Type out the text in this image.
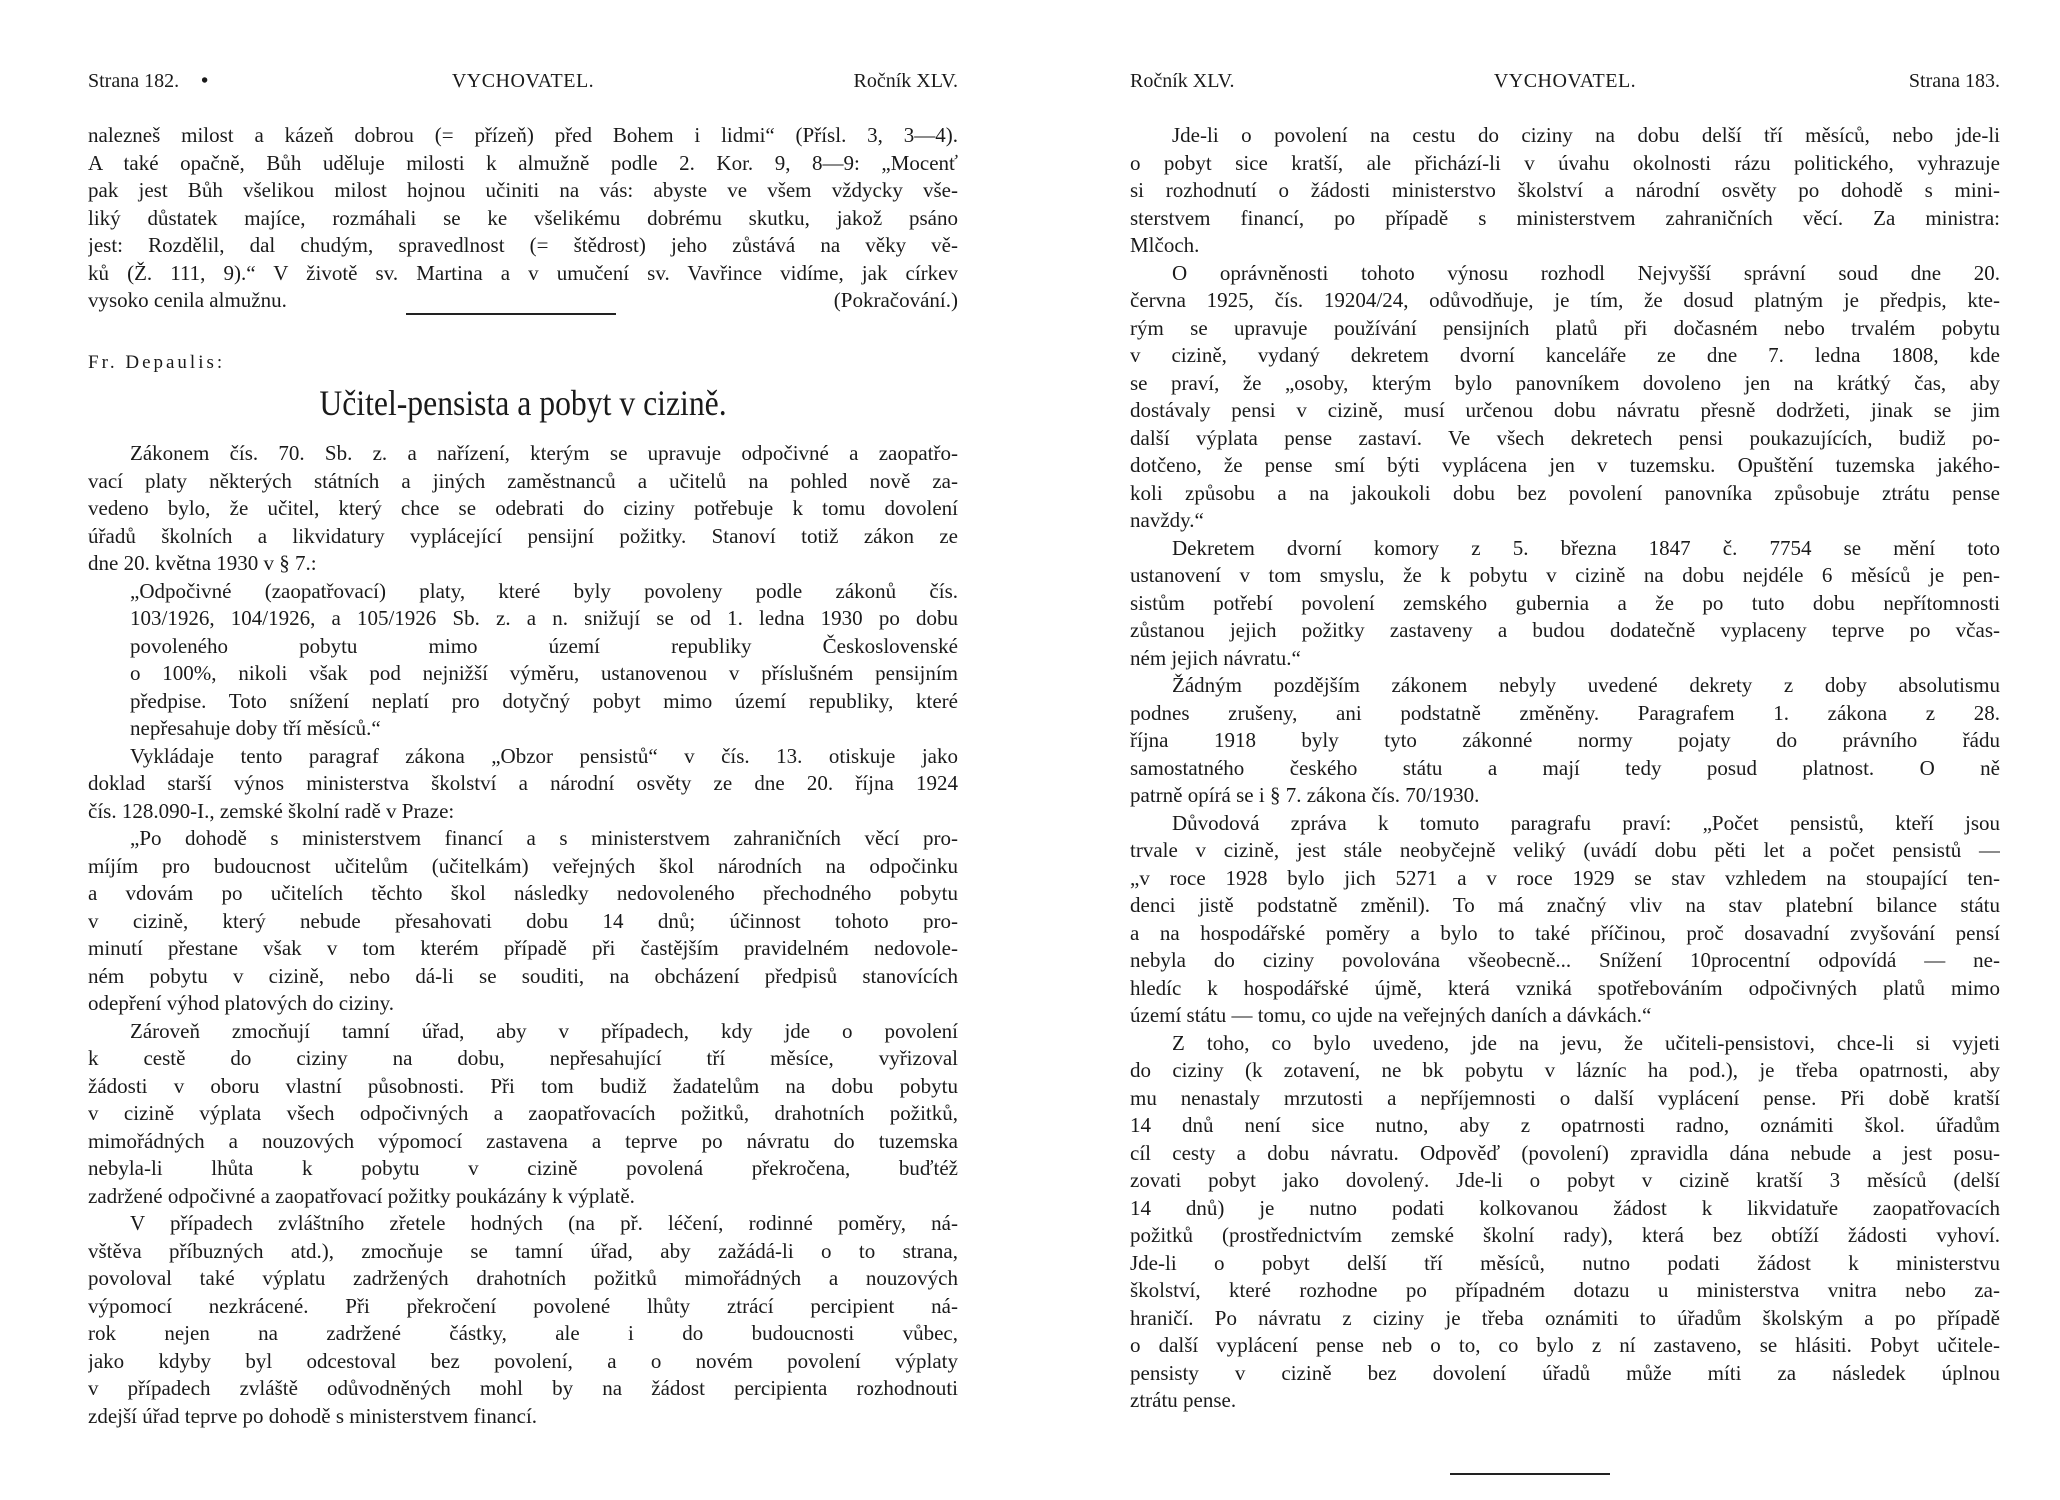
Strana 182. •	VYCHOVATEL.	Ročník XLV.
nalezneš milost a kázeň dobrou (= přízeň) před Bohem i lidmi“ (Přísl. 3, 3—4).
A také opačně, Bůh uděluje milosti k almužně podle 2. Kor. 9, 8—9: „Mocenť
pak jest Bůh všelikou milost hojnou učiniti na vás: abyste ve všem vždycky vše-
liký důstatek majíce, rozmáhali se ke všelikému dobrému skutku, jakož psáno
jest: Rozdělil, dal chudým, spravedlnost (= štědrost) jeho zůstává na věky vě-
ků (Ž. 111, 9).“ V životě sv. Martina a v umučení sv. Vavřince vidíme, jak církev
vysoko cenila almužnu.	(Pokračování.)
Fr. Depaulis:
Učitel-pensista a pobyt v cizině.
Zákonem čís. 70. Sb. z. a nařízení, kterým se upravuje odpočivné a zaopatřo-
vací platy některých státních a jiných zaměstnanců a učitelů na pohled nově za-
vedeno bylo, že učitel, který chce se odebrati do ciziny potřebuje k tomu dovolení
úřadů školních a likvidatury vyplácející pensijní požitky. Stanoví totiž zákon ze
dne 20. května 1930 v § 7.:
„Odpočivné (zaopatřovací) platy, které byly povoleny podle zákonů čís.
103/1926, 104/1926, a 105/1926 Sb. z. a n. snižují se od 1. ledna 1930 po dobu
povoleného pobytu mimo území republiky Československé
o 100%, nikoli však pod nejnižší výměru, ustanovenou v příslušném pensijním
předpise. Toto snížení neplatí pro dotyčný pobyt mimo území republiky, které
nepřesahuje doby tří měsíců.“
Vykládaje tento paragraf zákona „Obzor pensistů“ v čís. 13. otiskuje jako
doklad starší výnos ministerstva školství a národní osvěty ze dne 20. října 1924
čís. 128.090-I., zemské školní radě v Praze:
„Po dohodě s ministerstvem financí a s ministerstvem zahraničních věcí pro-
míjím pro budoucnost učitelům (učitelkám) veřejných škol národních na odpočinku
a vdovám po učitelích těchto škol následky nedovoleného přechodného pobytu
v cizině, který nebude přesahovati dobu 14 dnů; účinnost tohoto pro-
minutí přestane však v tom kterém případě při častějším pravidelném nedovole-
ném pobytu v cizině, nebo dá-li se souditi, na obcházení předpisů stanovících
odepření výhod platových do ciziny.
Zároveň zmocňují tamní úřad, aby v případech, kdy jde o povolení
k cestě do ciziny na dobu, nepřesahující tří měsíce, vyřizoval
žádosti v oboru vlastní působnosti. Při tom budiž žadatelům na dobu pobytu
v cizině výplata všech odpočivných a zaopatřovacích požitků, drahotních požitků,
mimořádných a nouzových výpomocí zastavena a teprve po návratu do tuzemska
nebyla-li lhůta k pobytu v cizině povolená překročena, buďtéž
zadržené odpočivné a zaopatřovací požitky poukázány k výplatě.
V případech zvláštního zřetele hodných (na př. léčení, rodinné poměry, ná-
vštěva příbuzných atd.), zmocňuje se tamní úřad, aby zažádá-li o to strana,
povoloval také výplatu zadržených drahotních požitků mimořádných a nouzových
výpomocí nezkrácené. Při překročení povolené lhůty ztrácí percipient ná-
rok nejen na zadržené částky, ale i do budoucnosti vůbec,
jako kdyby byl odcestoval bez povolení, a o novém povolení výplaty
v případech zvláště odůvodněných mohl by na žádost percipienta rozhodnouti
zdejší úřad teprve po dohodě s ministerstvem financí.
Ročník XLV.	VYCHOVATEL.	Strana 183.
Jde-li o povolení na cestu do ciziny na dobu delší tří měsíců, nebo jde-li
o pobyt sice kratší, ale přichází-li v úvahu okolnosti rázu politického, vyhrazuje
si rozhodnutí o žádosti ministerstvo školství a národní osvěty po dohodě s mini-
sterstvem financí, po případě s ministerstvem zahraničních věcí. Za ministra:
Mlčoch.
O oprávněnosti tohoto výnosu rozhodl Nejvyšší správní soud dne 20.
června 1925, čís. 19204/24, odůvodňuje, je tím, že dosud platným je předpis, kte-
rým se upravuje používání pensijních platů při dočasném nebo trvalém pobytu
v cizině, vydaný dekretem dvorní kanceláře ze dne 7. ledna 1808, kde
se praví, že „osoby, kterým bylo panovníkem dovoleno jen na krátký čas, aby
dostávaly pensi v cizině, musí určenou dobu návratu přesně dodržeti, jinak se jim
další výplata pense zastaví. Ve všech dekretech pensi poukazujících, budiž po-
dotčeno, že pense smí býti vyplácena jen v tuzemsku. Opuštění tuzemska jakého-
koli způsobu a na jakoukoli dobu bez povolení panovníka způsobuje ztrátu pense
navždy.“
Dekretem dvorní komory z 5. března 1847 č. 7754 se mění toto
ustanovení v tom smyslu, že k pobytu v cizině na dobu nejdéle 6 měsíců je pen-
sistům potřebí povolení zemského gubernia a že po tuto dobu nepřítomnosti
zůstanou jejich požitky zastaveny a budou dodatečně vyplaceny teprve po včas-
ném jejich návratu.“
Žádným pozdějším zákonem nebyly uvedené dekrety z doby absolutismu
podnes zrušeny, ani podstatně změněny. Paragrafem 1. zákona z 28.
října 1918 byly tyto zákonné normy pojaty do právního řádu
samostatného českého státu a mají tedy posud platnost. O ně
patrně opírá se i § 7. zákona čís. 70/1930.
Důvodová zpráva k tomuto paragrafu praví: „Počet pensistů, kteří jsou
trvale v cizině, jest stále neobyčejně veliký (uvádí dobu pěti let a počet pensistů —
„v roce 1928 bylo jich 5271 a v roce 1929 se stav vzhledem na stoupající ten-
denci jistě podstatně změnil). To má značný vliv na stav platební bilance státu
a na hospodářské poměry a bylo to také příčinou, proč dosavadní zvyšování pensí
nebyla do ciziny povolována všeobecně... Snížení 10procentní odpovídá — ne-
hledíc k hospodářské újmě, která vzniká spotřebováním odpočivných platů mimo
území státu — tomu, co ujde na veřejných daních a dávkách.“
Z toho, co bylo uvedeno, jde na jevu, že učiteli-pensistovi, chce-li si vyjeti
do ciziny (k zotavení, ne bk pobytu v lázníc ha pod.), je třeba opatrnosti, aby
mu nenastaly mrzutosti a nepříjemnosti o další vyplácení pense. Při době kratší
14 dnů není sice nutno, aby z opatrnosti radno, oznámiti škol. úřadům
cíl cesty a dobu návratu. Odpověď (povolení) zpravidla dána nebude a jest posu-
zovati pobyt jako dovolený. Jde-li o pobyt v cizině kratší 3 měsíců (delší
14 dnů) je nutno podati kolkovanou žádost k likvidatuře zaopatřovacích
požitků (prostřednictvím zemské školní rady), která bez obtíží žádosti vyhoví.
Jde-li o pobyt delší tří měsíců, nutno podati žádost k ministerstvu
školství, které rozhodne po případném dotazu u ministerstva vnitra nebo za-
hraničí. Po návratu z ciziny je třeba oznámiti to úřadům školským a po případě
o další vyplácení pense neb o to, co bylo z ní zastaveno, se hlásiti. Pobyt učitele-
pensisty v cizině bez dovolení úřadů může míti za následek úplnou
ztrátu pense.
